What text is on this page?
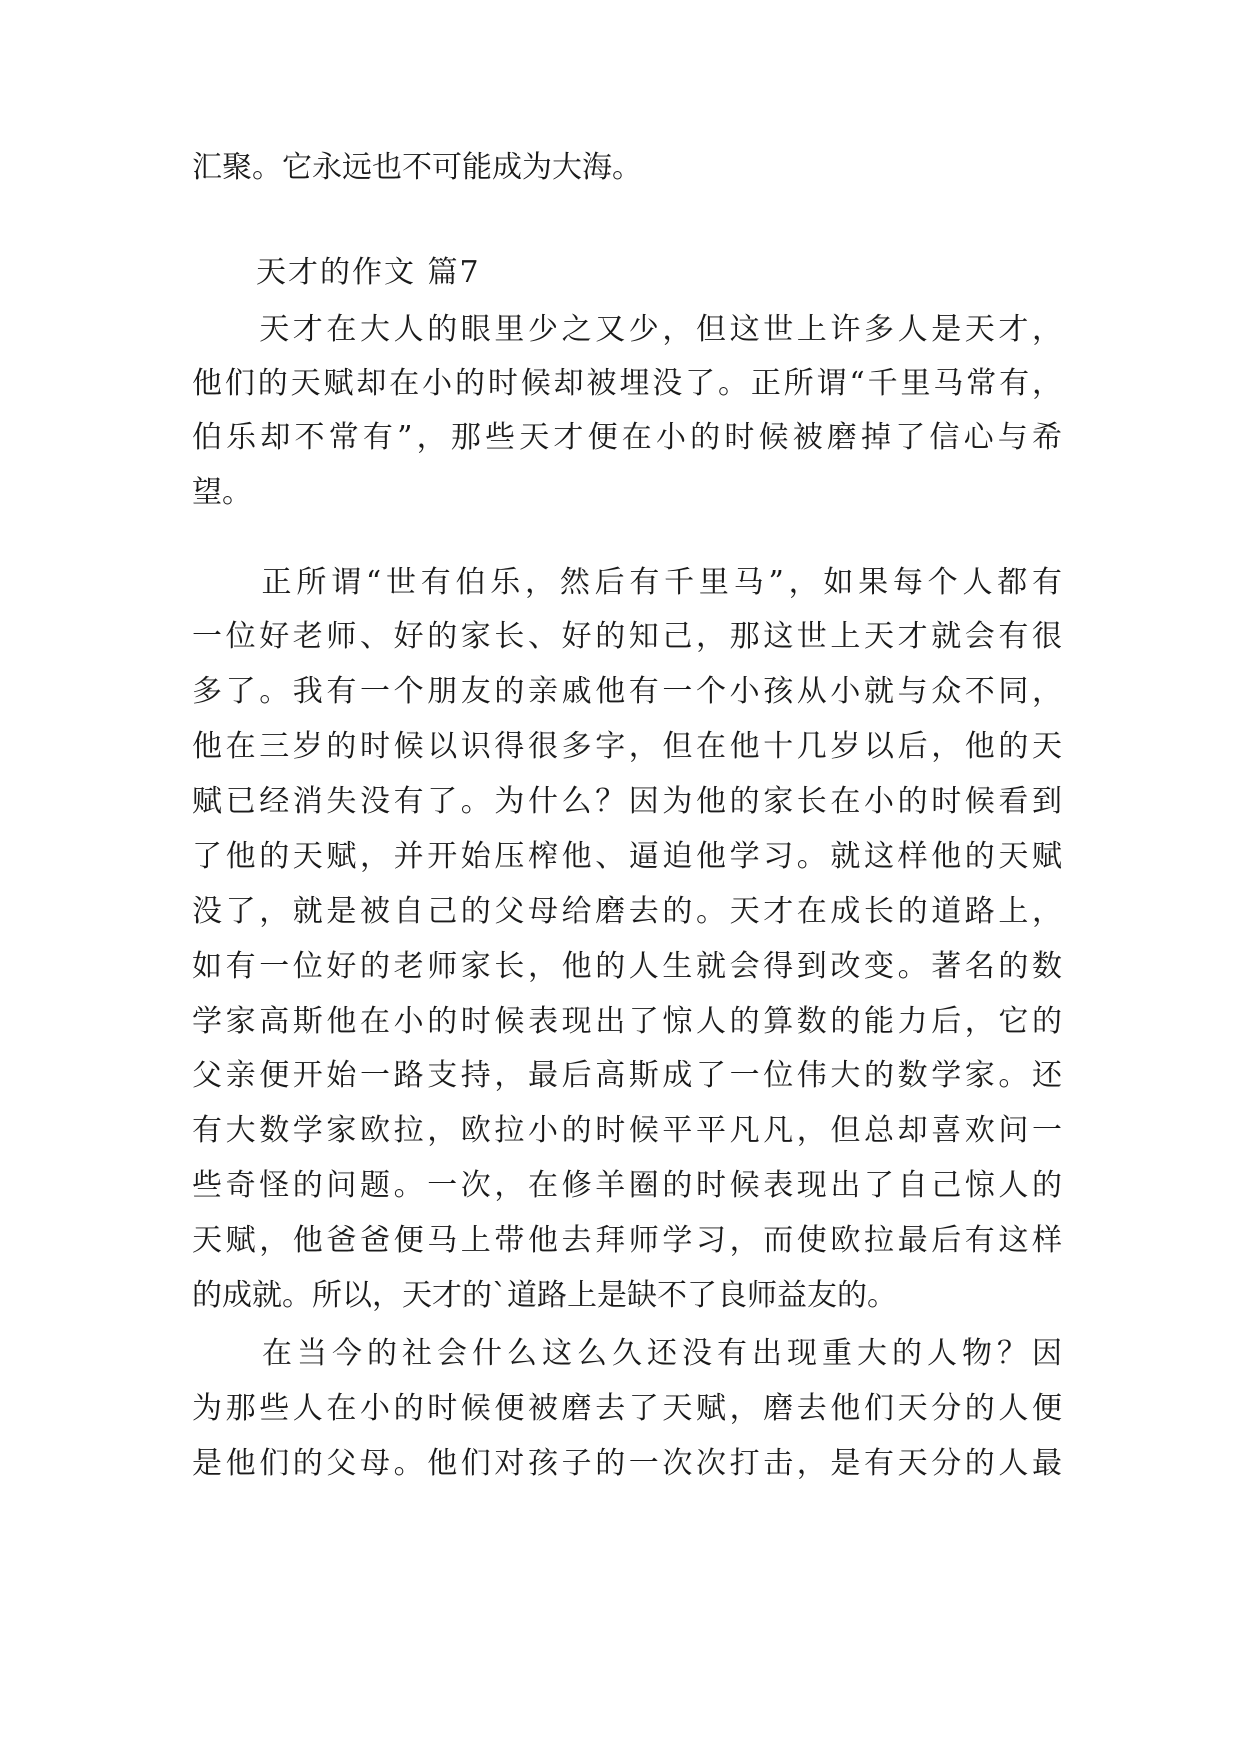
汇聚。它永远也不可能成为大海。
天才的作文 篇7
　　天才在大人的眼里少之又少，但这世上许多人是天才，
他们的天赋却在小的时候却被埋没了。正所谓“千里马常有，
伯乐却不常有”，那些天才便在小的时候被磨掉了信心与希
望。
　　正所谓“世有伯乐，然后有千里马”，如果每个人都有
一位好老师、好的家长、好的知己，那这世上天才就会有很
多了。我有一个朋友的亲戚他有一个小孩从小就与众不同，
他在三岁的时候以识得很多字，但在他十几岁以后，他的天
赋已经消失没有了。为什么？因为他的家长在小的时候看到
了他的天赋，并开始压榨他、逼迫他学习。就这样他的天赋
没了，就是被自己的父母给磨去的。天才在成长的道路上，
如有一位好的老师家长，他的人生就会得到改变。著名的数
学家高斯他在小的时候表现出了惊人的算数的能力后，它的
父亲便开始一路支持，最后高斯成了一位伟大的数学家。还
有大数学家欧拉，欧拉小的时候平平凡凡，但总却喜欢问一
些奇怪的问题。一次，在修羊圈的时候表现出了自己惊人的
天赋，他爸爸便马上带他去拜师学习，而使欧拉最后有这样
的成就。所以，天才的`道路上是缺不了良师益友的。
　　在当今的社会什么这么久还没有出现重大的人物？因
为那些人在小的时候便被磨去了天赋，磨去他们天分的人便
是他们的父母。他们对孩子的一次次打击，是有天分的人最
